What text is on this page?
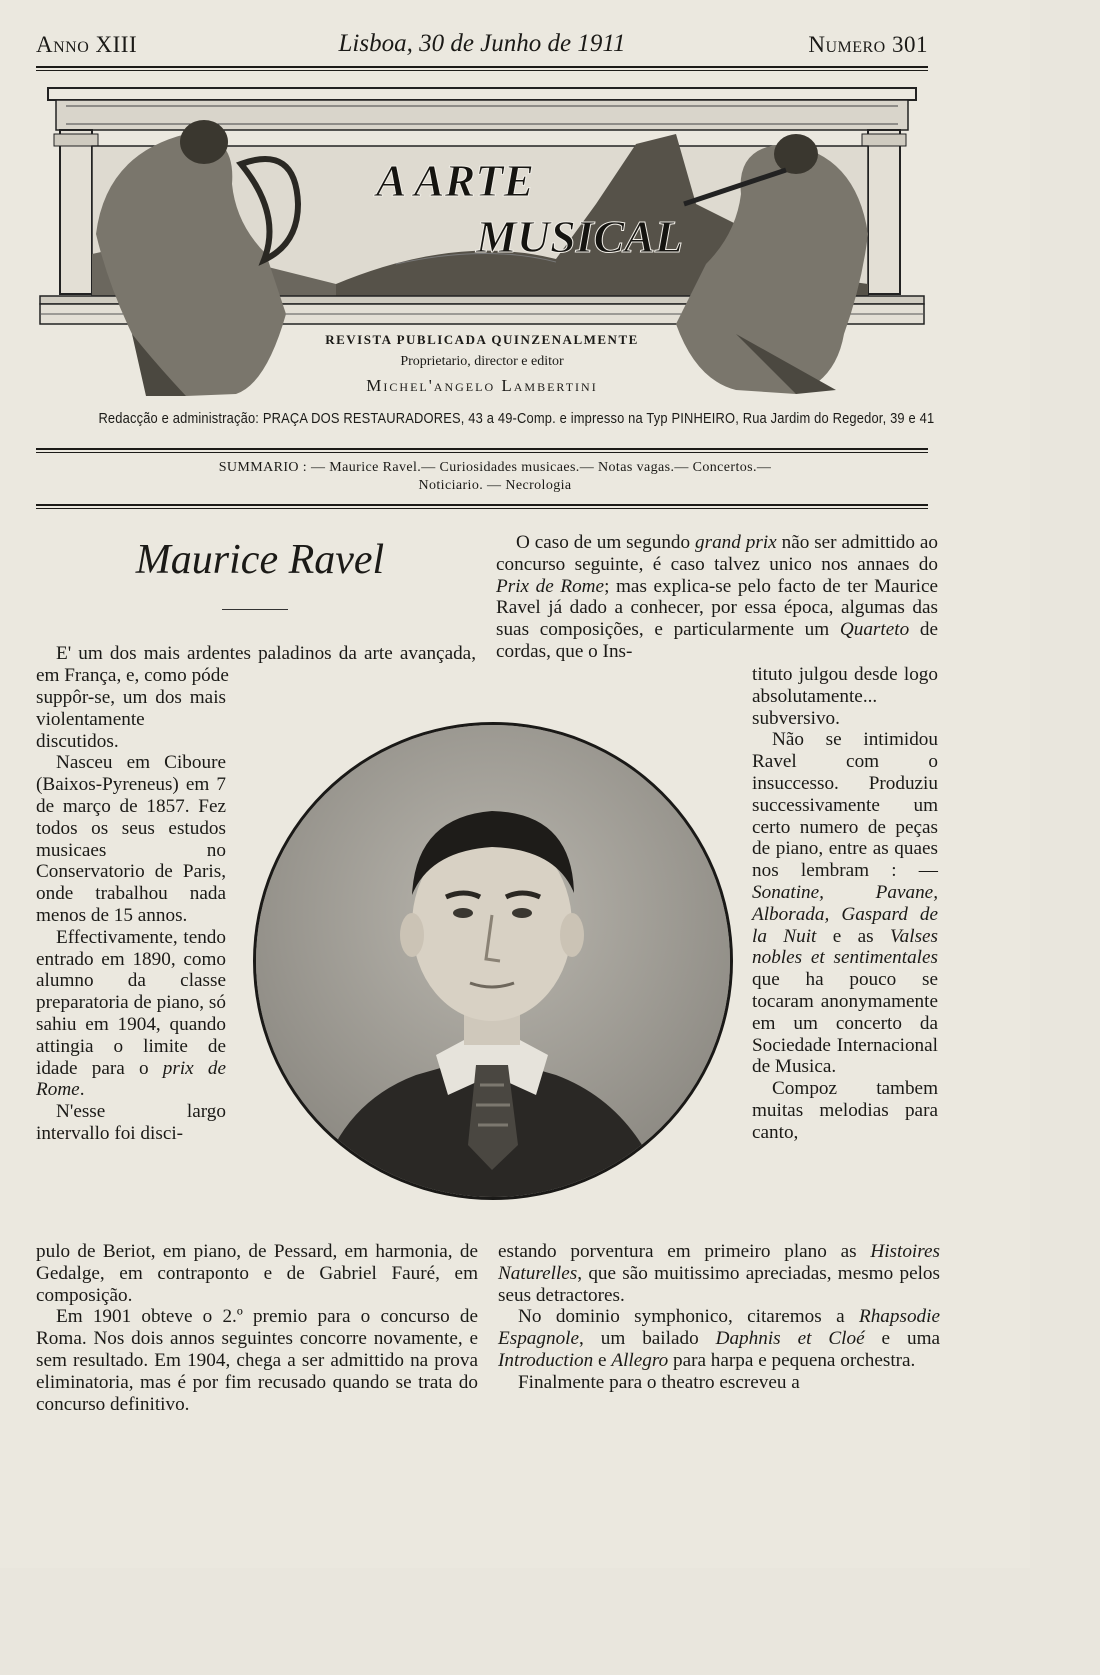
Anno XIII	Lisboa, 30 de Junho de 1911	Numero 301
A ARTE
MUSICAL
REVISTA PUBLICADA QUINZENALMENTE
Proprietario, director e editor
Michel'angelo Lambertini
Redacção e administração: PRAÇA DOS RESTAURADORES, 43 a 49-Comp. e impresso na Typ PINHEIRO, Rua Jardim do Regedor, 39 e 41
SUMMARIO : — Maurice Ravel.— Curiosidades musicaes.— Notas vagas.— Concertos.—
Noticiario. — Necrologia
Maurice Ravel

E' um dos mais ardentes paladinos da arte avançada, em França, e, como póde

suppôr-se, um dos mais violentamente discutidos.

Nasceu em Ciboure (Baixos-Pyreneus) em 7 de março de 1857. Fez todos os seus estudos musicaes no Conservatorio de Paris, onde trabalhou nada menos de 15 annos.

Effectivamente, tendo entrado em 1890, como alumno da classe preparatoria de piano, só sahiu em 1904, quando attingia o limite de idade para o prix de Rome.

N'esse largo intervallo foi disci-

pulo de Beriot, em piano, de Pessard, em harmonia, de Gedalge, em contraponto e de Gabriel Fauré, em composição.

Em 1901 obteve o 2.º premio para o concurso de Roma. Nos dois annos seguintes concorre novamente, e sem resultado. Em 1904, chega a ser admittido na prova eliminatoria, mas é por fim recusado quando se trata do concurso definitivo.

O caso de um segundo grand prix não ser admittido ao concurso seguinte, é caso talvez unico nos annaes do Prix de Rome; mas explica-se pelo facto de ter Maurice Ravel já dado a conhecer, por essa época, algumas das suas composições, e particularmente um Quarteto de cordas, que o Ins-

tituto julgou desde logo absolutamente... subversivo.

Não se intimidou Ravel com o insuccesso. Produziu successivamente um certo numero de peças de piano, entre as quaes nos lembram : —Sonatine, Pavane, Alborada, Gaspard de la Nuit e as Valses nobles et sentimentales que ha pouco se tocaram anonymamente em um concerto da Sociedade Internacional de Musica.

Compoz tambem muitas melodias para canto,

estando porventura em primeiro plano as Histoires Naturelles, que são muitissimo apreciadas, mesmo pelos seus detractores.

No dominio symphonico, citaremos a Rhapsodie Espagnole, um bailado Daphnis et Cloé e uma Introduction e Allegro para harpa e pequena orchestra.

Finalmente para o theatro escreveu a
